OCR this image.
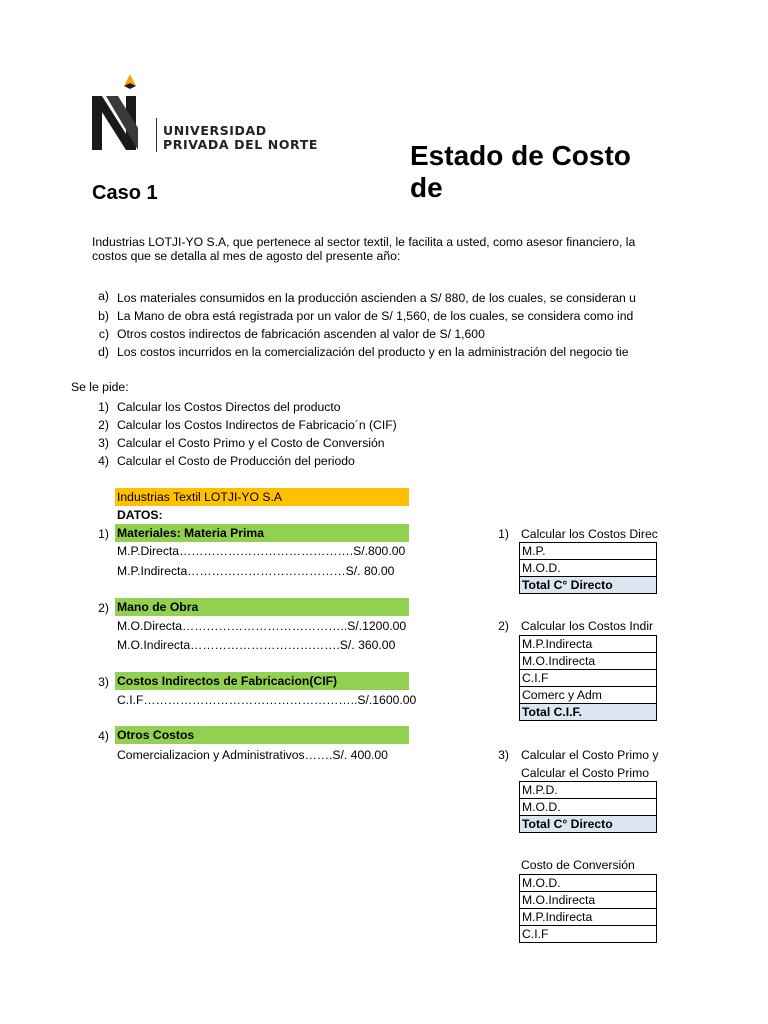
UNIVERSIDAD
PRIVADA DEL NORTE	Estado de Costo de
Caso 1
Industrias LOTJI-YO S.A, que pertenece al sector textil, le facilita a usted, como asesor financiero, la
costos que se detalla al mes de agosto del presente año:
a) Los materiales consumidos en la producción ascienden a S/ 880, de los cuales, se consideran u
b) La Mano de obra está registrada por un valor de S/ 1,560, de los cuales, se considera como ind
c) Otros costos indirectos de fabricación ascenden al valor de S/ 1,600
d) Los costos incurridos en la comercialización del producto y en la administración del negocio tie
Se le pide:
1) Calcular los Costos Directos del producto
2) Calcular los Costos Indirectos de Fabricacio´n (CIF)
3) Calcular el Costo Primo y el Costo de Conversión
4) Calcular el Costo de Producción del periodo
Industrias Textil LOTJI-YO S.A
DATOS:
1) Materiales: Materia Prima
M.P.Directa…………………………………….S/.800.00
M.P.Indirecta…………………………………S/. 80.00
2) Mano de Obra
M.O.Directa…………………………………..S/.1200.00
M.O.Indirecta……………………………….S/. 360.00
3) Costos Indirectos de Fabricacion(CIF)
C.I.F……………………………………………..S/.1600.00
4) Otros Costos
Comercializacion y Administrativos…….S/. 400.00
1) Calcular los Costos Direc
M.P.
M.O.D.
Total C° Directo
2) Calcular los Costos Indir
M.P.Indirecta
M.O.Indirecta
C.I.F
Comerc y Adm
Total C.I.F.
3) Calcular el Costo Primo y
Calcular el Costo Primo
M.P.D.
M.O.D.
Total C° Directo
Costo de Conversión
M.O.D.
M.O.Indirecta
M.P.Indirecta
C.I.F
